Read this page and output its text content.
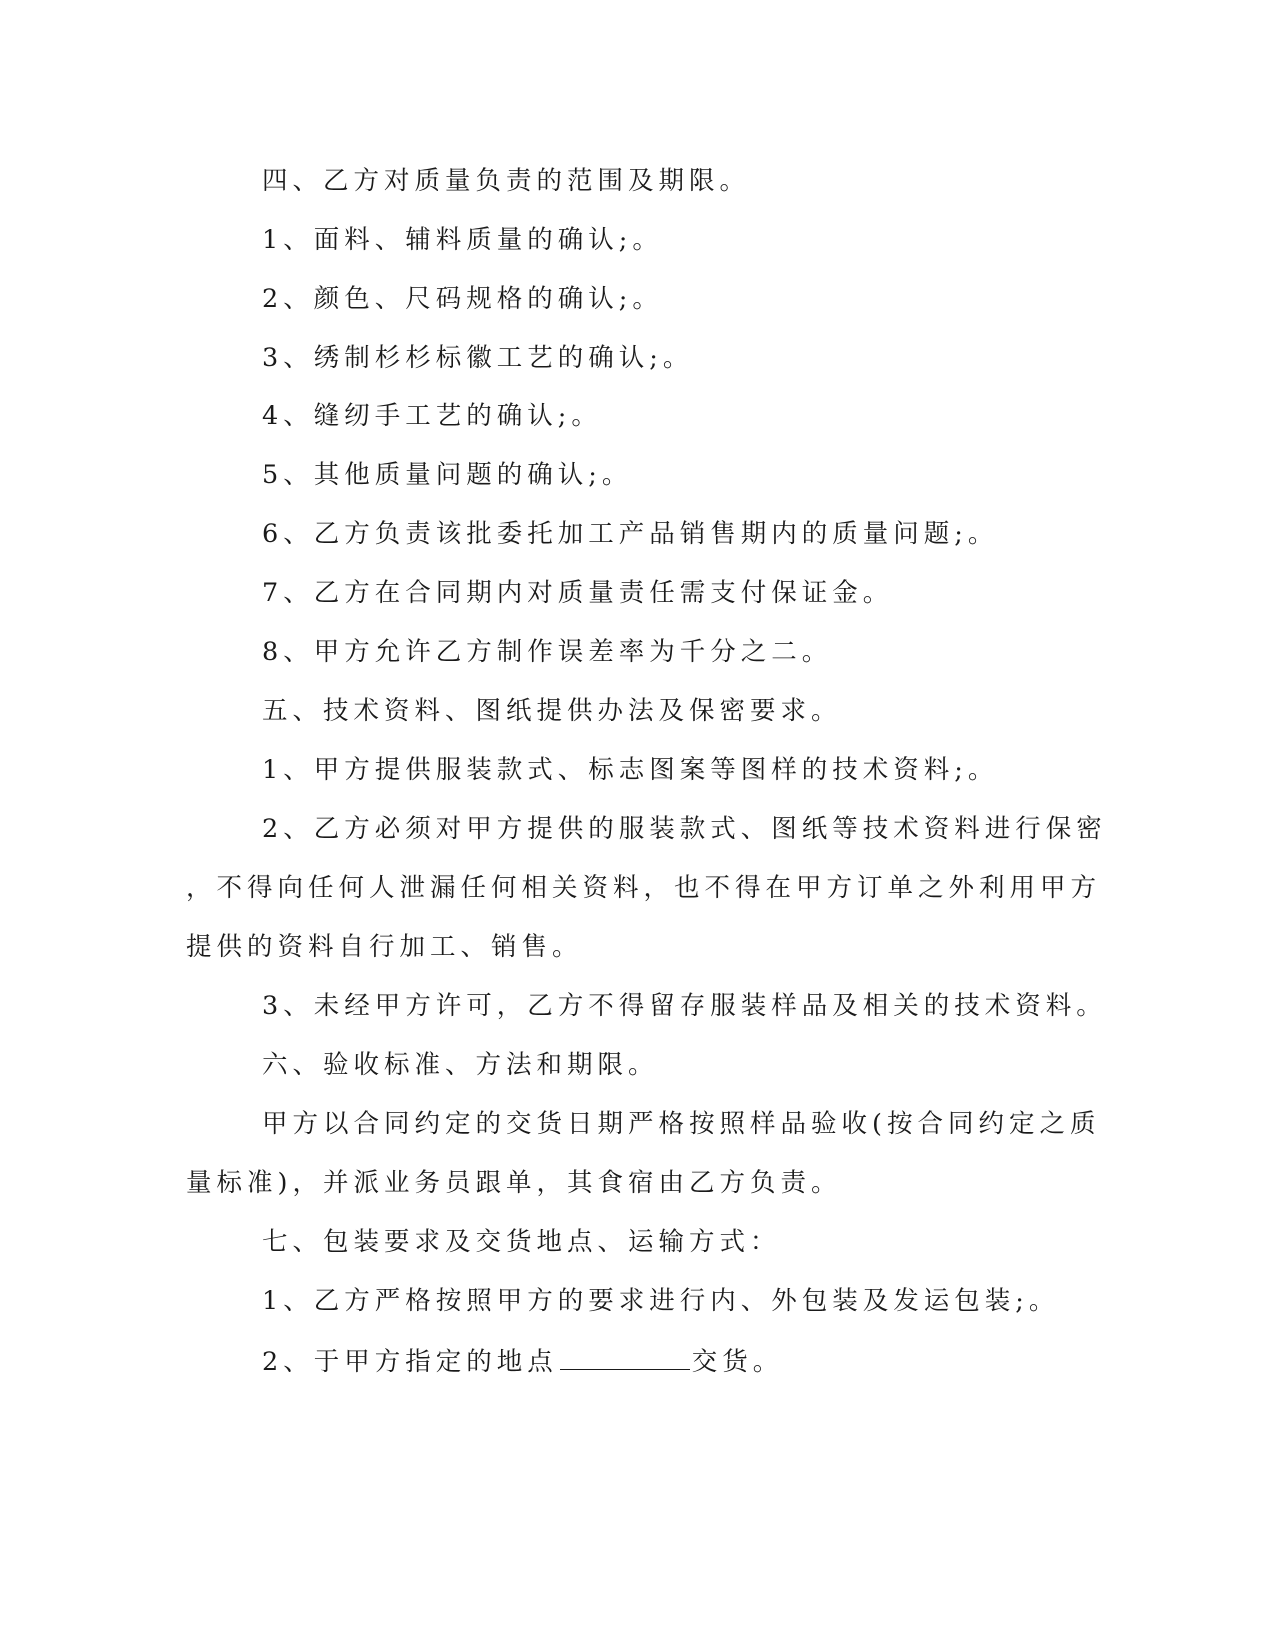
四、乙方对质量负责的范围及期限。
1、面料、辅料质量的确认;。
2、颜色、尺码规格的确认;。
3、绣制杉杉标徽工艺的确认;。
4、缝纫手工艺的确认;。
5、其他质量问题的确认;。
6、乙方负责该批委托加工产品销售期内的质量问题;。
7、乙方在合同期内对质量责任需支付保证金。
8、甲方允许乙方制作误差率为千分之二。
五、技术资料、图纸提供办法及保密要求。
1、甲方提供服装款式、标志图案等图样的技术资料;。
2、乙方必须对甲方提供的服装款式、图纸等技术资料进行保密
，不得向任何人泄漏任何相关资料，也不得在甲方订单之外利用甲方
提供的资料自行加工、销售。
3、未经甲方许可，乙方不得留存服装样品及相关的技术资料。
六、验收标准、方法和期限。
甲方以合同约定的交货日期严格按照样品验收(按合同约定之质
量标准)，并派业务员跟单，其食宿由乙方负责。
七、包装要求及交货地点、运输方式：
1、乙方严格按照甲方的要求进行内、外包装及发运包装;。
2、于甲方指定的地点	交货。
